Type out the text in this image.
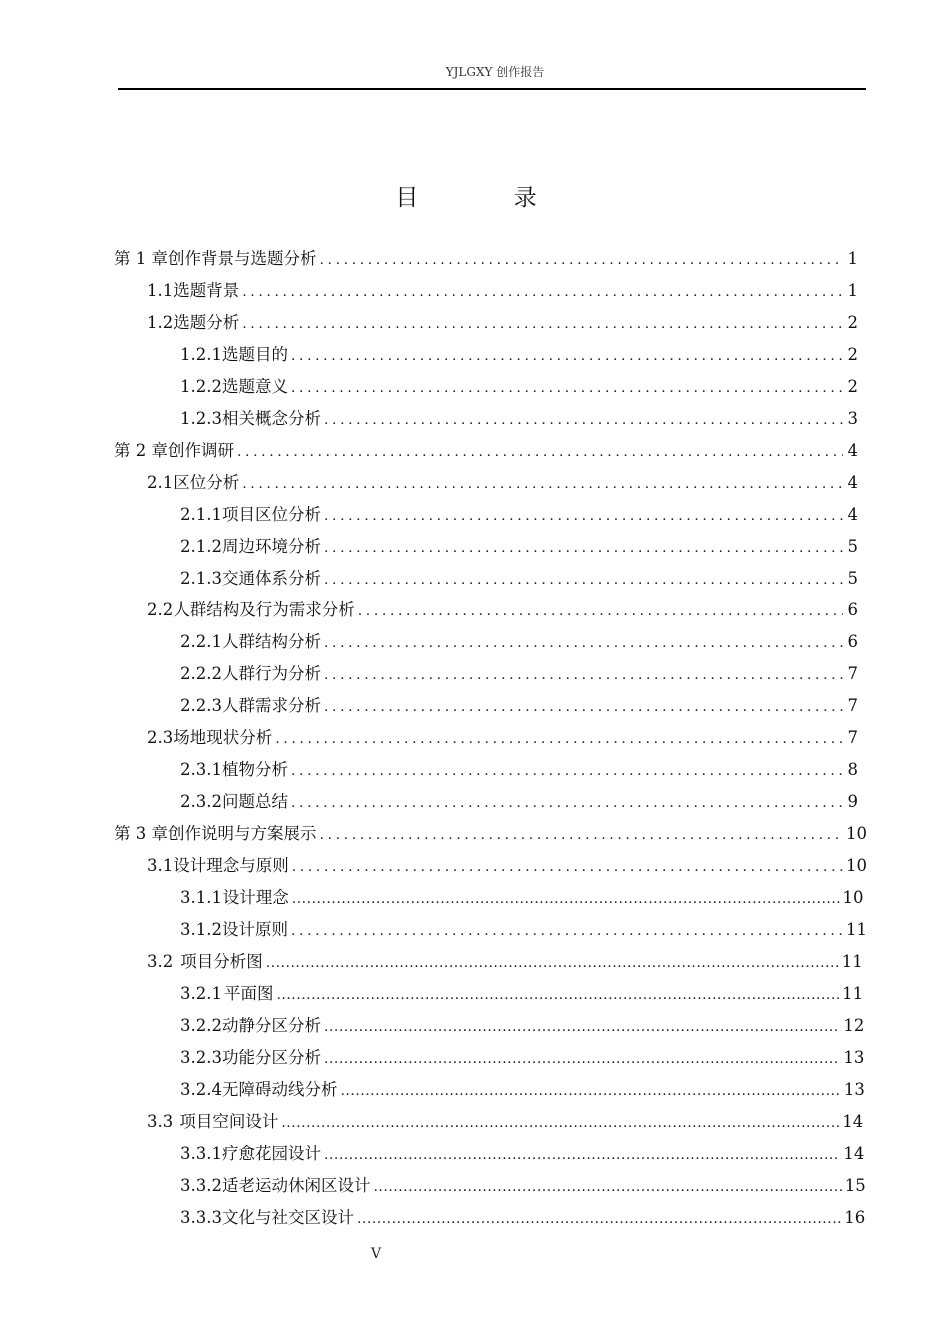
YJLGXY 创作报告
目 录
第 1 章 创作背景与选题分析 .....	1
1.1 选题背景 .....	1
1.2 选题分析 .....	2
1.2.1 选题目的 .....	2
1.2.2 选题意义 .....	2
1.2.3 相关概念分析 .....	3
第 2 章 创作调研 .....	4
2.1 区位分析 .....	4
2.1.1 项目区位分析 .....	4
2.1.2 周边环境分析 .....	5
2.1.3 交通体系分析 .....	5
2.2 人群结构及行为需求分析 .....	6
2.2.1 人群结构分析 .....	6
2.2.2 人群行为分析 .....	7
2.2.3 人群需求分析 .....	7
2.3 场地现状分析 .....	7
2.3.1 植物分析 .....	8
2.3.2 问题总结 .....	9
第 3 章 创作说明与方案展示 .....	10
3.1 设计理念与原则 .....	10
3.1.1 设计理念 .....	10
3.1.2 设计原则 .....	11
3.2 项目分析图 .....	11
3.2.1 平面图 .....	11
3.2.2 动静分区分析 .....	12
3.2.3 功能分区分析 .....	13
3.2.4 无障碍动线分析 .....	13
3.3 项目空间设计 .....	14
3.3.1 疗愈花园设计 .....	14
3.3.2 适老运动休闲区设计 .....	15
3.3.3 文化与社交区设计 .....	16
V
